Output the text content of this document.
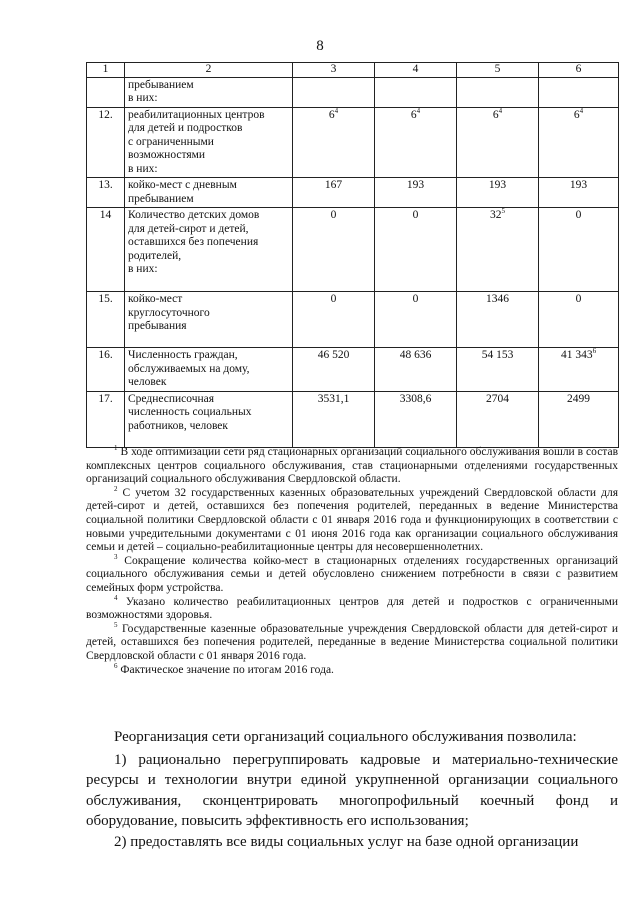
8
1	2	3	4	5	6
	пребыванием
в них:				
12.	реабилитационных центров
для детей и подростков
с ограниченными
возможностями
в них:	$6^4$	$6^4$	$6^4$	$6^4$
13.	койко-мест с дневным
пребыванием	167	193	193	193
14	Количество детских домов
для детей-сирот и детей,
оставшихся без попечения
родителей,
в них:	0	0	$32^5$	0
15.	койко-мест
круглосуточного
пребывания	0	0	1346	0
16.	Численность граждан,
обслуживаемых на дому,
человек	46 520	48 636	54 153	41 $343^6$
17.	Среднесписочная
численность социальных
работников, человек	3531,1	3308,6	2704	2499

$^1$ В ходе оптимизации сети ряд стационарных организаций социального обслуживания вошли в состав комплексных центров социального обслуживания, став стационарными отделениями государственных организаций социального обслуживания Свердловской области.

$^2$ С учетом 32 государственных казенных образовательных учреждений Свердловской области для детей-сирот и детей, оставшихся без попечения родителей, переданных в ведение Министерства социальной политики Свердловской области с 01 января 2016 года и функционирующих в соответствии с новыми учредительными документами с 01 июня 2016 года как организации социального обслуживания семьи и детей – социально-реабилитационные центры для несовершеннолетних.

$^3$ Сокращение количества койко-мест в стационарных отделениях государственных организаций социального обслуживания семьи и детей обусловлено снижением потребности в связи с развитием семейных форм устройства.

$^4$ Указано количество реабилитационных центров для детей и подростков с ограниченными возможностями здоровья.

$^5$ Государственные казенные образовательные учреждения Свердловской области для детей-сирот и детей, оставшихся без попечения родителей, переданные в ведение Министерства социальной политики Свердловской области с 01 января 2016 года.

$^6$ Фактическое значение по итогам 2016 года.

Реорганизация сети организаций социального обслуживания позволила:

1) рационально перегруппировать кадровые и материально-технические ресурсы и технологии внутри единой укрупненной организации социального обслуживания, сконцентрировать многопрофильный коечный фонд и оборудование, повысить эффективность его использования;

2) предоставлять все виды социальных услуг на базе одной организации
